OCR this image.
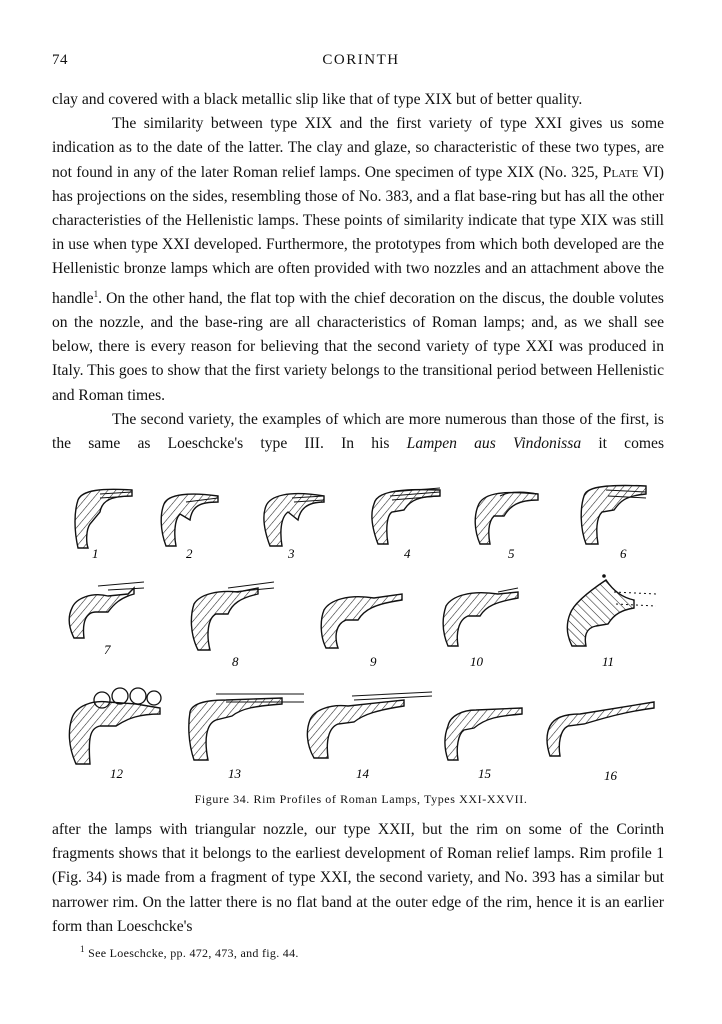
74	CORINTH

clay and covered with a black metallic slip like that of type XIX but of better quality.

The similarity between type XIX and the first variety of type XXI gives us some indication as to the date of the latter. The clay and glaze, so characteristic of these two types, are not found in any of the later Roman relief lamps. One specimen of type XIX (No. 325, Plate VI) has projections on the sides, resembling those of No. 383, and a flat base-ring but has all the other characteristies of the Hellenistic lamps. These points of similarity indicate that type XIX was still in use when type XXI developed. Furthermore, the prototypes from which both developed are the Hellenistic bronze lamps which are often provided with two nozzles and an attachment above the handle$^1$. On the other hand, the flat top with the chief decoration on the discus, the double volutes on the nozzle, and the base-ring are all characteristics of Roman lamps; and, as we shall see below, there is every reason for believing that the second variety of type XXI was produced in Italy. This goes to show that the first variety belongs to the transitional period between Hellenistic and Roman times.

The second variety, the examples of which are more numerous than those of the first, is the same as Loeschcke's type III. In his Lampen aus Vindonissa it comes

1	2	3	4	5	6
7
8	9	10	11
12	13	14	15	16
Figure 34. Rim Profiles of Roman Lamps, Types XXI-XXVII.

after the lamps with triangular nozzle, our type XXII, but the rim on some of the Corinth fragments shows that it belongs to the earliest development of Roman relief lamps. Rim profile 1 (Fig. 34) is made from a fragment of type XXI, the second variety, and No. 393 has a similar but narrower rim. On the latter there is no flat band at the outer edge of the rim, hence it is an earlier form than Loeschcke's

$^1$ See Loeschcke, pp. 472, 473, and fig. 44.
